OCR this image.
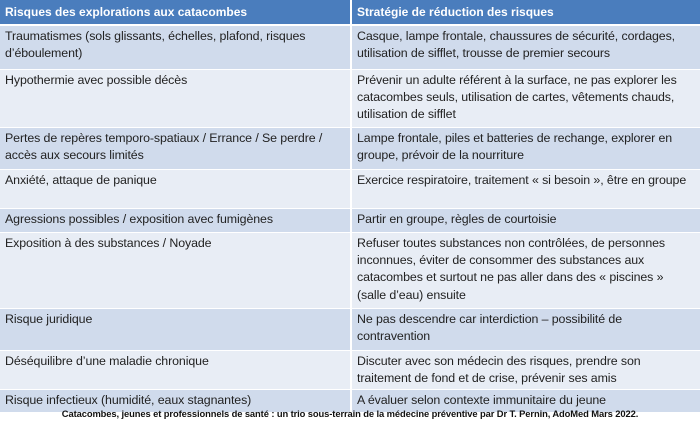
Risques des explorations aux catacombes	Stratégie de réduction des risques
Traumatismes (sols glissants, échelles, plafond, risques d’éboulement)	Casque, lampe frontale, chaussures de sécurité, cordages, utilisation de sifflet, trousse de premier secours
Hypothermie avec possible décès	Prévenir un adulte référent à la surface, ne pas explorer les catacombes seuls, utilisation de cartes, vêtements chauds, utilisation de sifflet
Pertes de repères temporo-spatiaux / Errance / Se perdre / accès aux secours limités	Lampe frontale, piles et batteries de rechange, explorer en groupe, prévoir de la nourriture
Anxiété, attaque de panique	Exercice respiratoire, traitement « si besoin », être en groupe
Agressions possibles / exposition avec fumigènes	Partir en groupe, règles de courtoisie
Exposition à des substances / Noyade	Refuser toutes substances non contrôlées, de personnes inconnues, éviter de consommer des substances aux catacombes et surtout ne pas aller dans des « piscines » (salle d’eau) ensuite
Risque juridique	Ne pas descendre car interdiction – possibilité de contravention
Déséquilibre d’une maladie chronique	Discuter avec son médecin des risques, prendre son traitement de fond et de crise, prévenir ses amis
Risque infectieux (humidité, eaux stagnantes)	A évaluer selon contexte immunitaire du jeune
Catacombes, jeunes et professionnels de santé : un trio sous-terrain de la médecine préventive par Dr T. Pernin, AdoMed Mars 2022.
